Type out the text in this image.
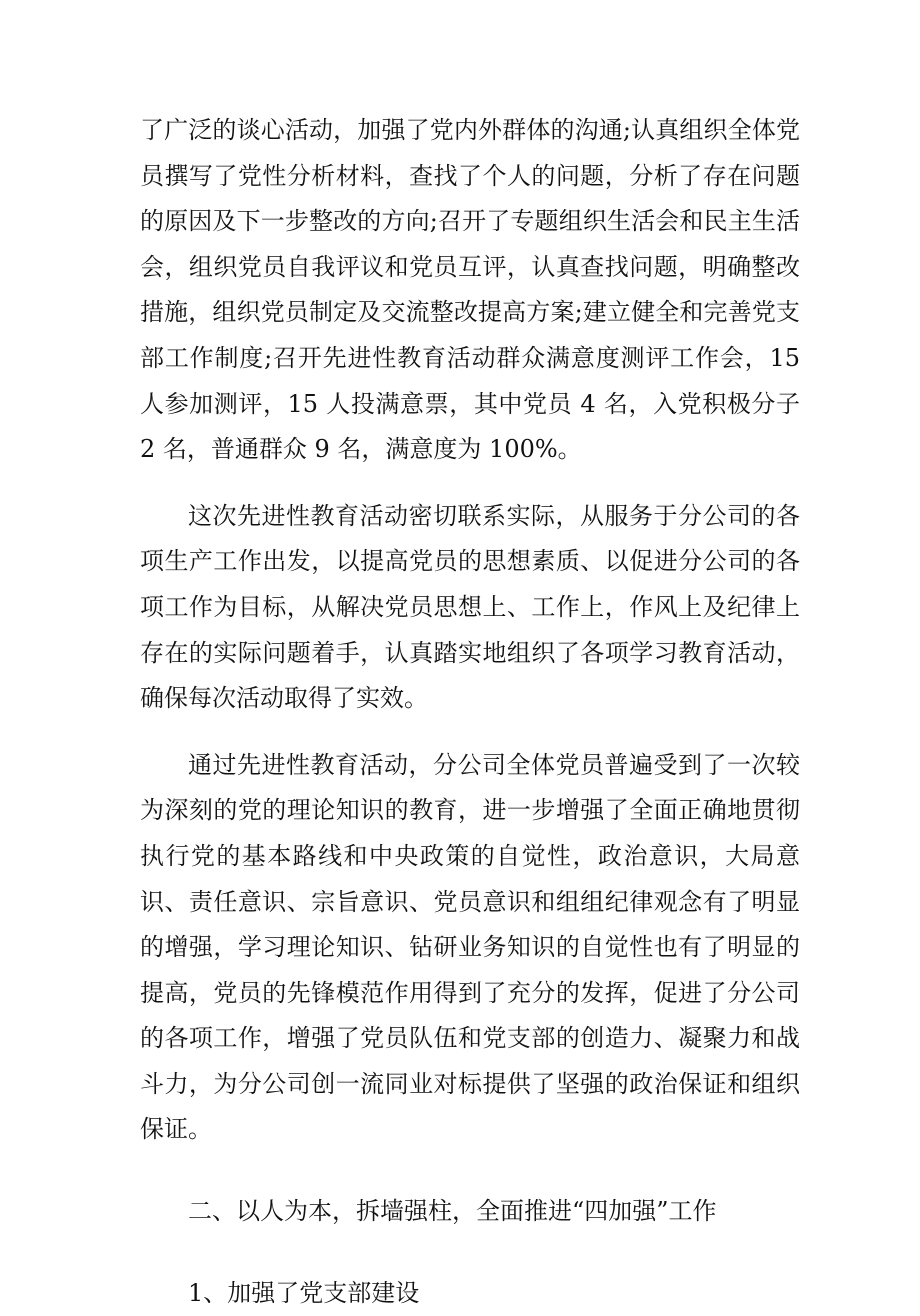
了广泛的谈心活动，加强了党内外群体的沟通;认真组织全体党员撰写了党性分析材料，查找了个人的问题，分析了存在问题的原因及下一步整改的方向;召开了专题组织生活会和民主生活会，组织党员自我评议和党员互评，认真查找问题，明确整改措施，组织党员制定及交流整改提高方案;建立健全和完善党支部工作制度;召开先进性教育活动群众满意度测评工作会，15 人参加测评，15 人投满意票，其中党员 4 名，入党积极分子 2 名，普通群众 9 名，满意度为 100%。

这次先进性教育活动密切联系实际，从服务于分公司的各项生产工作出发，以提高党员的思想素质、以促进分公司的各项工作为目标，从解决党员思想上、工作上，作风上及纪律上存在的实际问题着手，认真踏实地组织了各项学习教育活动，确保每次活动取得了实效。

通过先进性教育活动，分公司全体党员普遍受到了一次较为深刻的党的理论知识的教育，进一步增强了全面正确地贯彻执行党的基本路线和中央政策的自觉性，政治意识，大局意识、责任意识、宗旨意识、党员意识和组组纪律观念有了明显的增强，学习理论知识、钻研业务知识的自觉性也有了明显的提高，党员的先锋模范作用得到了充分的发挥，促进了分公司的各项工作，增强了党员队伍和党支部的创造力、凝聚力和战斗力，为分公司创一流同业对标提供了坚强的政治保证和组织保证。

二、以人为本，拆墙强柱，全面推进“四加强”工作

1、加强了党支部建设
